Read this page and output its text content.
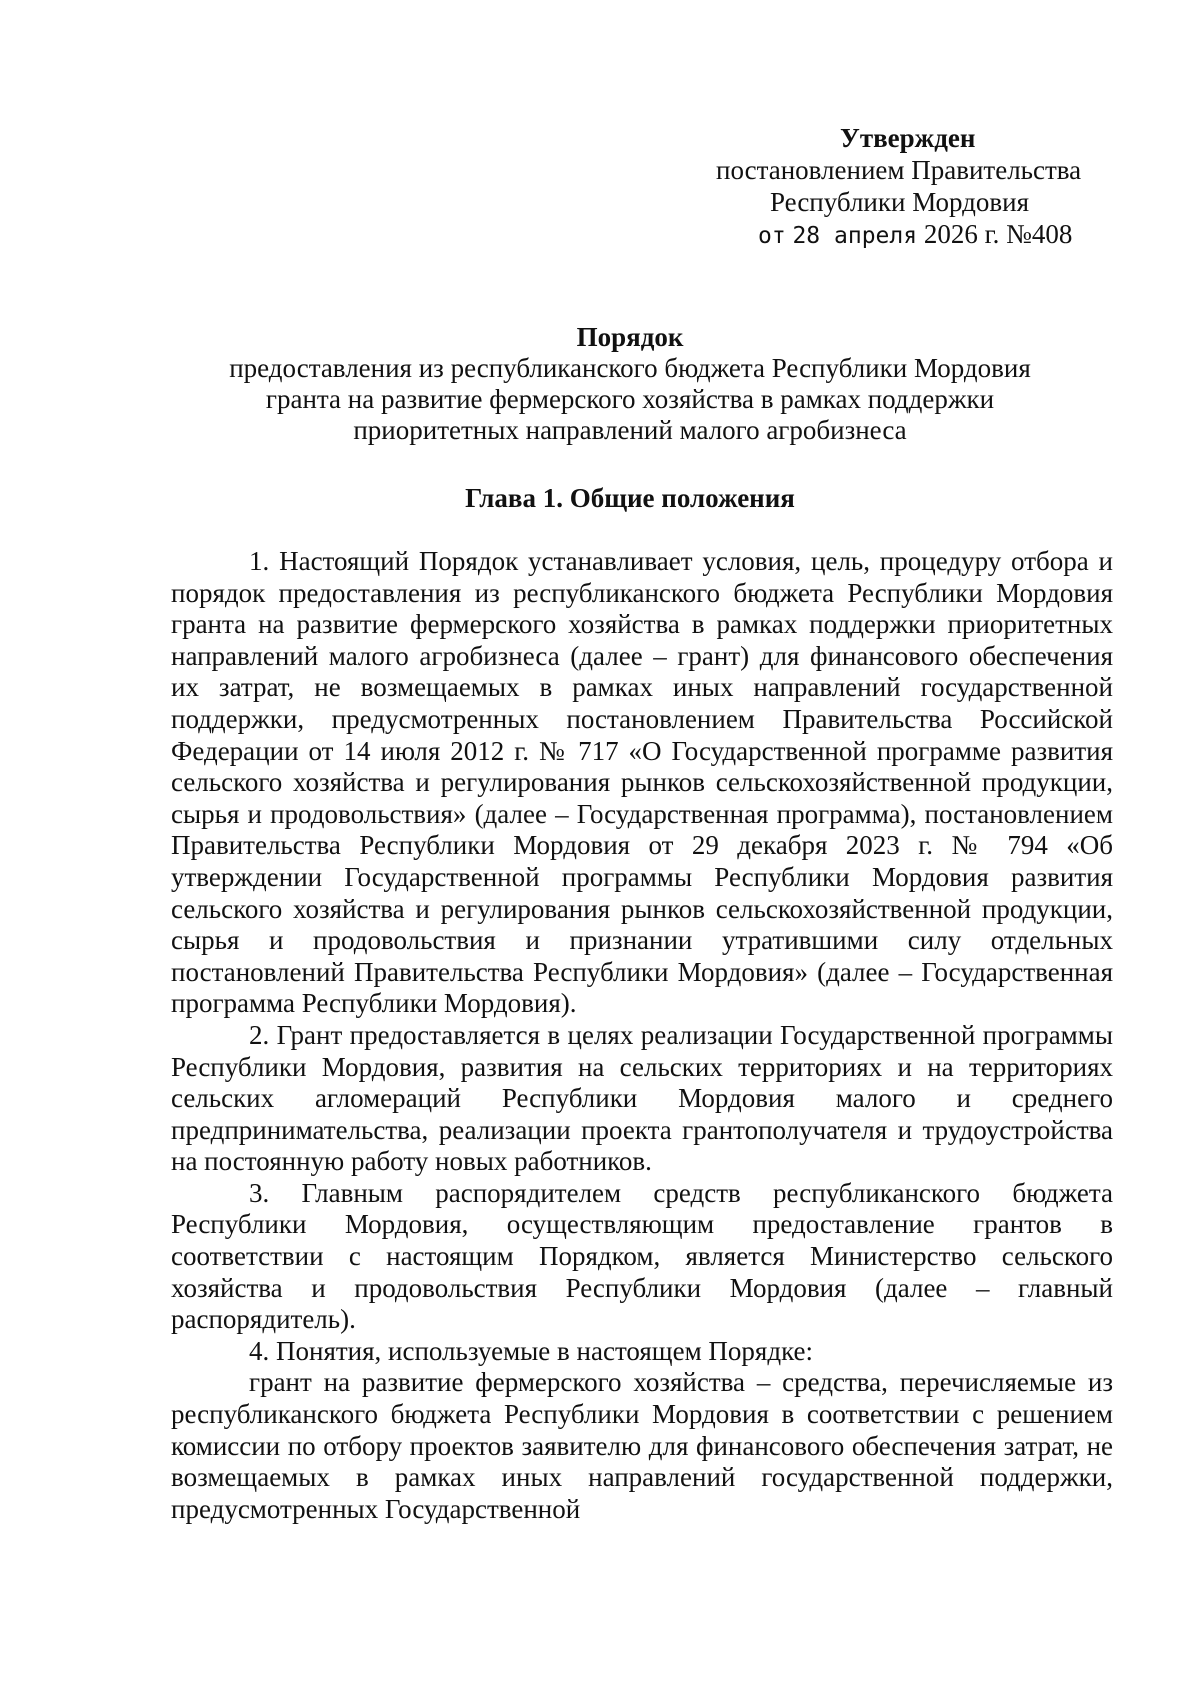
Утвержден
постановлением Правительства
Республики Мордовия
от 28 апреля 2026 г. №408
Порядок
предоставления из республиканского бюджета Республики Мордовия
гранта на развитие фермерского хозяйства в рамках поддержки
приоритетных направлений малого агробизнеса
Глава 1. Общие положения

1. Настоящий Порядок устанавливает условия, цель, процедуру отбора и порядок предоставления из республиканского бюджета Республики Мордовия гранта на развитие фермерского хозяйства в рамках поддержки приоритетных направлений малого агробизнеса (далее – грант) для финансового обеспечения их затрат, не возмещаемых в рамках иных направлений государственной поддержки, предусмотренных постановлением Правительства Российской Федерации от 14 июля 2012 г. № 717 «О Государственной программе развития сельского хозяйства и регулирования рынков сельскохозяйственной продукции, сырья и продовольствия» (далее – Государственная программа), постановлением Правительства Республики Мордовия от 29 декабря 2023 г. № 794 «Об утверждении Государственной программы Республики Мордовия развития сельского хозяйства и регулирования рынков сельскохозяйственной продукции, сырья и продовольствия и признании утратившими силу отдельных постановлений Правительства Республики Мордовия» (далее – Государственная программа Республики Мордовия).

2. Грант предоставляется в целях реализации Государственной программы Республики Мордовия, развития на сельских территориях и на территориях сельских агломераций Республики Мордовия малого и среднего предпринимательства, реализации проекта грантополучателя и трудоустройства на постоянную работу новых работников.

3. Главным распорядителем средств республиканского бюджета Республики Мордовия, осуществляющим предоставление грантов в соответствии с настоящим Порядком, является Министерство сельского хозяйства и продовольствия Республики Мордовия (далее – главный распорядитель).

4. Понятия, используемые в настоящем Порядке:

грант на развитие фермерского хозяйства – средства, перечисляемые из республиканского бюджета Республики Мордовия в соответствии с решением комиссии по отбору проектов заявителю для финансового обеспечения затрат, не возмещаемых в рамках иных направлений государственной поддержки, предусмотренных Государственной
